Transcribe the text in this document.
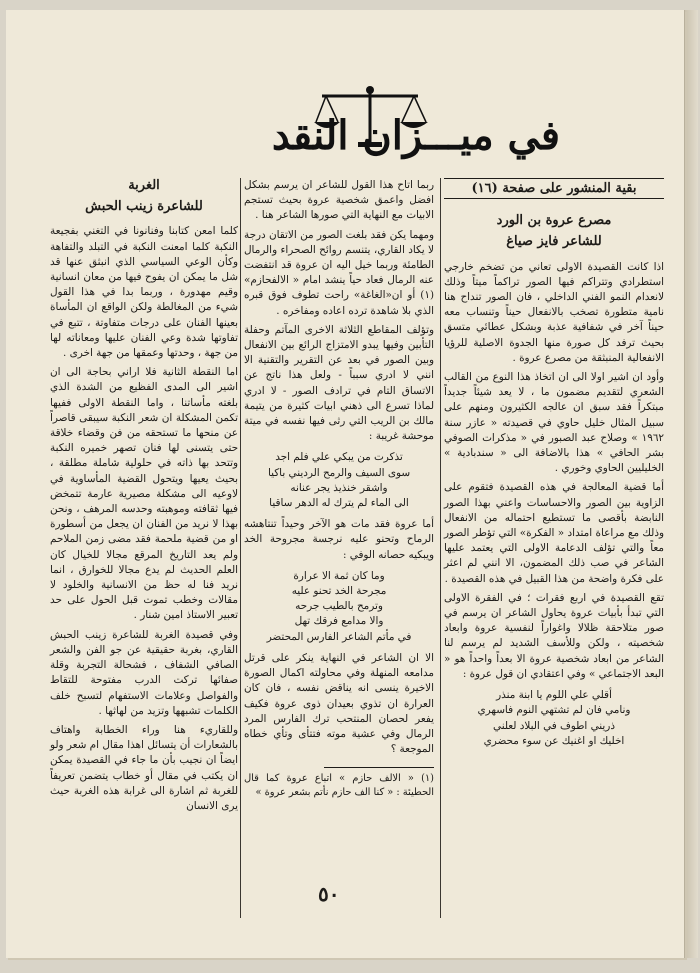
في ميـــزان النقد
بقية المنشور على صفحة (١٦)
مصرع عروة بن الورد
للشاعر فايز صياغ

اذا كانت القصيدة الاولى تعاني من تضخم خارجي استطرادي وتتراكم فيها الصور تراكماً ميتاً وذلك لانعدام النمو الفني الداخلي ، فان الصور تنداح هنا نامية متطورة تصخب بالانفعال حيناً وتنساب معه حيناً آخر في شفافية عذبة وبشكل عطائي متسق بحيث ترفد كل صورة منها الجدوة الاصلية للرؤيا الانفعالية المنبثقة من مصرع عروة .

وأود ان اشير اولا الى ان اتخاذ هذا النوع من القالب الشعري لتقديم مضمون ما ، لا يعد شيئاً جديداً مبتكراً فقد سبق ان عالجه الكثيرون ومنهم على سبيل المثال خليل حاوي في قصيدته « عازر سنة ١٩٦٢ » وصلاح عبد الصبور في « مذكرات الصوفي بشر الحافي » هذا بالاضافة الى « سندبادية » الخليليين الحاوي وخوري .

أما قضية المعالجة في هذه القصيدة فتقوم على الزاوية بين الصور والاحساسات واعني بهذا الصور النابضة بأقصى ما تستطيع احتماله من الانفعال وذلك مع مراعاة امتداد « الفكرة» التي تؤطر الصور معاً والتي تؤلف الدعامة الاولى التي يعتمد عليها الشاعر في صب ذلك المضمون، الا انني لم اعثر على فكرة واضحة من هذا القبيل في هذه القصيدة .

تقع القصيدة في اربع فقرات ؛ في الفقرة الاولى التي تبدأ بأبيات عروة يحاول الشاعر ان يرسم في صور متلاحقة ظلالا واغواراً لنفسية عروة وابعاد شخصيته ، ولكن وللأسف الشديد لم يرسم لنا الشاعر من ابعاد شخصية عروة الا بعداً واحداً هو « البعد الاجتماعي » وفي اعتقادي ان قول عروة :

أقلي علي اللوم يا ابنة منذر

ونامي فان لم تشتهي النوم فاسهري

ذريني اطوف في البلاد لعلني

اخليك او اغنيك عن سوء محضري

ربما اتاح هذا القول للشاعر ان يرسم بشكل افضل واعمق شخصية عروة بحيث تستجم الابيات مع النهاية التي صورها الشاعر هنا .

ومهما يكن فقد بلغت الصور من الاتقان درجة لا يكاد القاري، يتنسم روائح الصحراء والرمال الطامئة وربما خيل اليه ان عروة قد انتفضت عنه الرمال فعاد حياً ينشد امام « الالفحازم» (١) أو ان«الغاغة» راحت تطوف فوق قبره الذي بلا شاهدة ترده اعاده ومفاخره .

وتؤلف المقاطع الثلاثة الاخرى المآتم وحفلة التأبين وفيها يبدو الامتزاج الرائع بين الانفعال وبين الصور في بعد عن التقرير والتقنية الا انني لا ادري سبباً - ولعل هذا ناتج عن الاتساق التام في ترادف الصور - لا ادري لماذا تسرع الى ذهني ابيات كثيرة من يتيمة مالك بن الريب التي رثى فيها نفسه في ميتة موحشة غريبة :

تذكرت من يبكي علي فلم اجد

سوى السيف والرمح الرديني باكيا

واشقر خنذيذ يجر عنانه

الى الماء لم يترك له الدهر ساقيا

أما عروة فقد مات هو الآخر وحيداً تنتاهشه الرماح وتحنو عليه نرجسة مجروحة الخد ويبكيه حصانه الوفي :

وما كان ثمة الا عرارة

مجرحة الخد تحنو عليه

وترمح بالطيب جرحه

والا مدامع فرقك تهل

في مأتم الشاعر الفارس المحتضر

الا ان الشاعر في النهاية ينكر على قرتل مدامعه المنهلة وفي محاولته اكمال الصورة الاخيرة ينسى انه يناقض نفسه ، فان كان العرارة ان تذوي بعيدان ذوى عروة فكيف يفعر لحصان المنتحب ترك الفارس المرد الرمال وفي عشية موته فتتأى وتأي خطاه الموجعة ؟

(١) « الالف حازم » اتباع عروة كما قال الحطيئة : « كنا الف حازم نأتم بشعر عروة »
الغربة
للشاعرة زينب الحبش

كلما امعن كتابنا وفنانونا في التغني بفجيعة النكبة كلما امعنت النكبة في التبلد والتفاهة وكأن الوعي السياسي الذي انبثق عنها قد شل ما يمكن ان يفوح فيها من معان انسانية وقيم مهدورة ، وربما بدا في هذا القول شيء من المغالطة ولكن الواقع ان المأساة بعينها الفنان على درجات متفاوتة ، تتبع في تفاوتها شدة وعي الفنان عليها ومعاناته لها من جهة ، وحدتها وعمقها من جهة اخرى .

اما النقطة الثانية فلا اراني بحاجة الى ان اشير الى المدى الفظيع من الشدة الذي بلغته مأساتنا ، واما النقطة الاولى ففيها تكمن المشكلة ان شعر النكبة سيبقى قاصراً عن منحها ما تستحقه من فن وقضاء خلاقة حتى يتسنى لها فنان تصهر خميره النكبة وتتحد بها ذاته في حلولية شاملة مطلقة ، بحيث يعيها ويتحول القضية المأساوية في لاوعيه الى مشكلة مصيرية عارمة تتمخض فيها ثقافته وموهبته وحدسه المرهف ، ونحن بهذا لا نريد من الفنان ان يجعل من أسطورة او من قضية ملحمة فقد مضى زمن الملاحم ولم يعد التاريخ المرقع مجالا للخيال كان العلم الحديث لم يدع مجالا للخوارق ، انما نريد فنا له حظ من الانسانية والخلود لا مقالات وخطب تموت قبل الحول على حد تعبير الاستاذ امين شنار .

وفي قصيدة الغربة للشاعرة زينب الحبش القاري، بغربة حقيقية عن جو الفن والشعر الصافي الشفاف ، فشحالة التجربة وقلة صفائها تركت الدرب مفتوحة للتقاط والفواصل وعلامات الاستفهام لتسبح خلف الكلمات تشبهها وتزيد من لهاثها .

وللقاريء هنا وراء الخطابة واهتاف بالشعارات أن يتسائل اهذا مقال ام شعر ولو ايضاً ان نجيب بأن ما جاء في القصيدة يمكن ان يكتب في مقال أو خطاب يتضمن تعريفاً للغربة ثم اشارة الى غرابة هذه الغربة حيث يرى الانسان

٥٠
